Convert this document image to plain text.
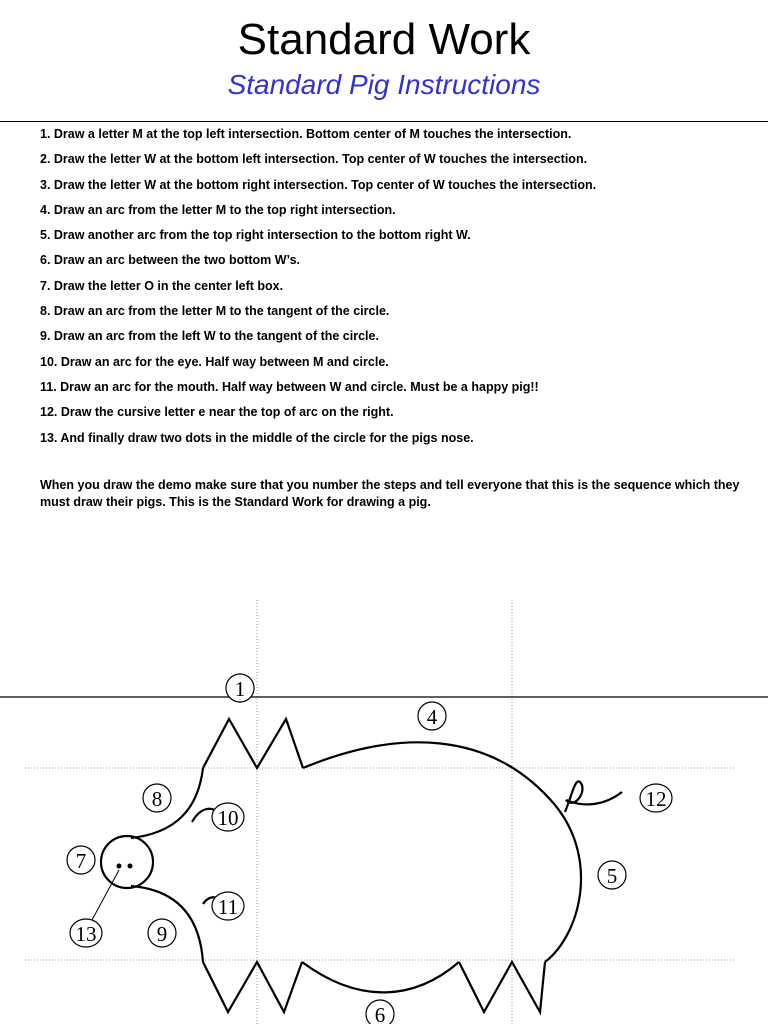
Standard Work
Standard Pig Instructions
1. Draw a letter M at the top left intersection. Bottom center of M touches the intersection.
2. Draw the letter W at the bottom left intersection. Top center of W touches the intersection.
3. Draw the letter W at the bottom right intersection. Top center of W touches the intersection.
4. Draw an arc from the letter M to the top right intersection.
5. Draw another arc from the top right intersection to the bottom right W.
6. Draw an arc between the two bottom W’s.
7. Draw the letter O in the center left box.
8. Draw an arc from the letter M to the tangent of the circle.
9. Draw an arc from the left W to the tangent of the circle.
10. Draw an arc for the eye. Half way between M and circle.
11. Draw an arc for the mouth. Half way between W and circle. Must be a happy pig!!
12. Draw the cursive letter e near the top of arc on the right.
13. And finally draw two dots in the middle of the circle for the pigs nose.

When you draw the demo make sure that you number the steps and tell everyone that this is the sequence which they must draw their pigs. This is the Standard Work for drawing a pig.

1
4
8
10
7
5
11
13	9
12
6
